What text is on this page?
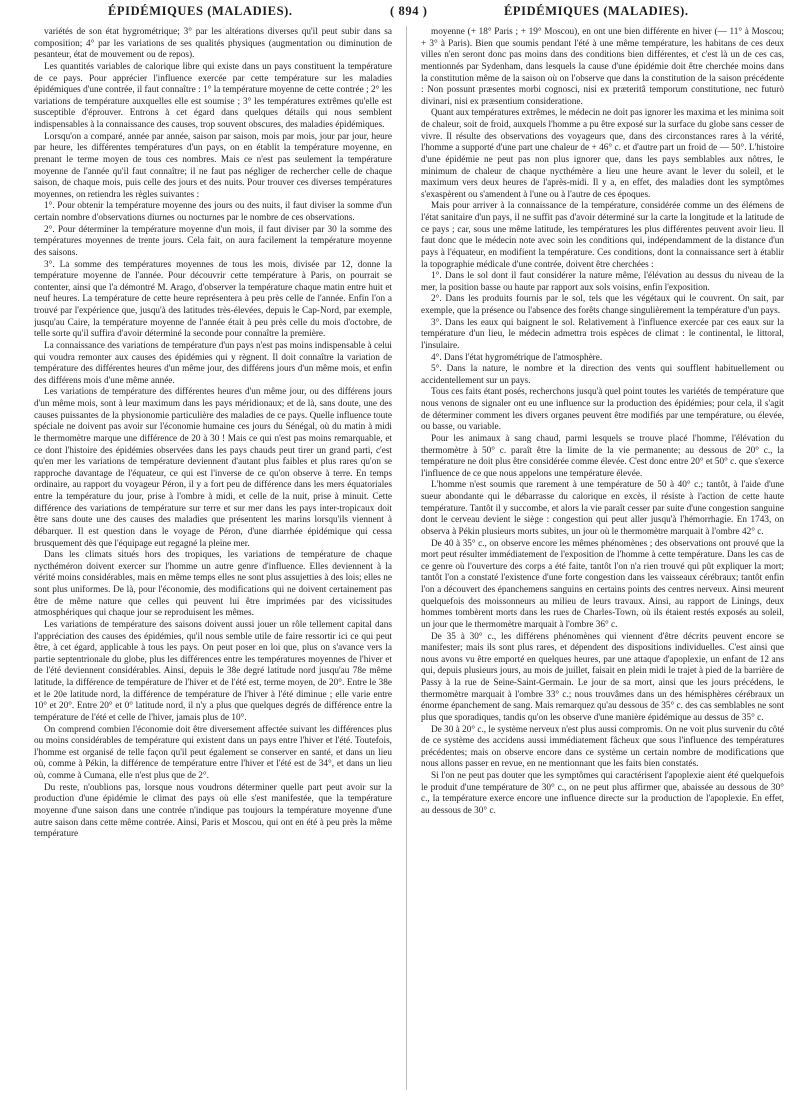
ÉPIDÉMIQUES (MALADIES).	( 894 )	ÉPIDÉMIQUES (MALADIES).

variétés de son état hygrométrique; 3° par les altérations diverses qu'il peut subir dans sa composition; 4° par les variations de ses qualités physiques (augmentation ou diminution de pesanteur, état de mouvement ou de repos).

Les quantités variables de calorique libre qui existe dans un pays constituent la température de ce pays. Pour apprécier l'influence exercée par cette température sur les maladies épidémiques d'une contrée, il faut connaître : 1° la température moyenne de cette contrée ; 2° les variations de température auxquelles elle est soumise ; 3° les températures extrêmes qu'elle est susceptible d'éprouver. Entrons à cet égard dans quelques détails qui nous semblent indispensables à la connaissance des causes, trop souvent obscures, des maladies épidémiques.

Lorsqu'on a comparé, année par année, saison par saison, mois par mois, jour par jour, heure par heure, les différentes températures d'un pays, on en établit la température moyenne, en prenant le terme moyen de tous ces nombres. Mais ce n'est pas seulement la température moyenne de l'année qu'il faut connaître; il ne faut pas négliger de rechercher celle de chaque saison, de chaque mois, puis celle des jours et des nuits. Pour trouver ces diverses températures moyennes, on retiendra les règles suivantes :

1°. Pour obtenir la température moyenne des jours ou des nuits, il faut diviser la somme d'un certain nombre d'observations diurnes ou nocturnes par le nombre de ces observations.

2°. Pour déterminer la température moyenne d'un mois, il faut diviser par 30 la somme des températures moyennes de trente jours. Cela fait, on aura facilement la température moyenne des saisons.

3°. La somme des températures moyennes de tous les mois, divisée par 12, donne la température moyenne de l'année. Pour découvrir cette température à Paris, on pourrait se contenter, ainsi que l'a démontré M. Arago, d'observer la température chaque matin entre huit et neuf heures. La température de cette heure représentera à peu près celle de l'année. Enfin l'on a trouvé par l'expérience que, jusqu'à des latitudes très-élevées, depuis le Cap-Nord, par exemple, jusqu'au Caire, la température moyenne de l'année était à peu près celle du mois d'octobre, de telle sorte qu'il suffira d'avoir déterminé la seconde pour connaître la première.

La connaissance des variations de température d'un pays n'est pas moins indispensable à celui qui voudra remonter aux causes des épidémies qui y règnent. Il doit connaître la variation de température des différentes heures d'un même jour, des différens jours d'un même mois, et enfin des différens mois d'une même année.

Les variations de température des différentes heures d'un même jour, ou des différens jours d'un même mois, sont à leur maximum dans les pays méridionaux; et de là, sans doute, une des causes puissantes de la physionomie particulière des maladies de ce pays. Quelle influence toute spéciale ne doivent pas avoir sur l'économie humaine ces jours du Sénégal, où du matin à midi le thermomètre marque une différence de 20 à 30 ! Mais ce qui n'est pas moins remarquable, et ce dont l'histoire des épidémies observées dans les pays chauds peut tirer un grand parti, c'est qu'en mer les variations de température deviennent d'autant plus faibles et plus rares qu'on se rapproche davantage de l'équateur, ce qui est l'inverse de ce qu'on observe à terre. En temps ordinaire, au rapport du voyageur Péron, il y a fort peu de différence dans les mers équatoriales entre la température du jour, prise à l'ombre à midi, et celle de la nuit, prise à minuit. Cette différence des variations de température sur terre et sur mer dans les pays inter-tropicaux doit être sans doute une des causes des maladies que présentent les marins lorsqu'ils viennent à débarquer. Il est question dans le voyage de Péron, d'une diarrhée épidémique qui cessa brusquement dès que l'équipage eut regagné la pleine mer.

Dans les climats situés hors des tropiques, les variations de température de chaque nycthéméron doivent exercer sur l'homme un autre genre d'influence. Elles deviennent à la vérité moins considérables, mais en même temps elles ne sont plus assujetties à des lois; elles ne sont plus uniformes. De là, pour l'économie, des modifications qui ne doivent certainement pas être de même nature que celles qui peuvent lui être imprimées par des vicissitudes atmosphériques qui chaque jour se reproduisent les mêmes.

Les variations de température des saisons doivent aussi jouer un rôle tellement capital dans l'appréciation des causes des épidémies, qu'il nous semble utile de faire ressortir ici ce qui peut être, à cet égard, applicable à tous les pays. On peut poser en loi que, plus on s'avance vers la partie septentrionale du globe, plus les différences entre les températures moyennes de l'hiver et de l'été deviennent considérables. Ainsi, depuis le 38e degré latitude nord jusqu'au 78e même latitude, la différence de température de l'hiver et de l'été est, terme moyen, de 20°. Entre le 38e et le 20e latitude nord, la différence de température de l'hiver à l'été diminue ; elle varie entre 10° et 20°. Entre 20° et 0° latitude nord, il n'y a plus que quelques degrés de différence entre la température de l'été et celle de l'hiver, jamais plus de 10°.

On comprend combien l'économie doit être diversement affectée suivant les différences plus ou moins considérables de température qui existent dans un pays entre l'hiver et l'été. Toutefois, l'homme est organisé de telle façon qu'il peut également se conserver en santé, et dans un lieu où, comme à Pékin, la différence de température entre l'hiver et l'été est de 34°, et dans un lieu où, comme à Cumana, elle n'est plus que de 2°.

Du reste, n'oublions pas, lorsque nous voudrons déterminer quelle part peut avoir sur la production d'une épidémie le climat des pays où elle s'est manifestée, que la température moyenne d'une saison dans une contrée n'indique pas toujours la température moyenne d'une autre saison dans cette même contrée. Ainsi, Paris et Moscou, qui ont en été à peu près la même température

moyenne (+ 18° Paris ; + 19° Moscou), en ont une bien différente en hiver (— 11° à Moscou; + 3° à Paris). Bien que soumis pendant l'été à une même température, les habitans de ces deux villes n'en seront donc pas moins dans des conditions bien différentes, et c'est là un de ces cas, mentionnés par Sydenham, dans lesquels la cause d'une épidémie doit être cherchée moins dans la constitution même de la saison où on l'observe que dans la constitution de la saison précédente : Non possunt præsentes morbi cognosci, nisi ex præteritâ temporum constitutione, nec futurò divinari, nisi ex præsentium consideratione.

Quant aux températures extrêmes, le médecin ne doit pas ignorer les maxima et les minima soit de chaleur, soit de froid, auxquels l'homme a pu être exposé sur la surface du globe sans cesser de vivre. Il résulte des observations des voyageurs que, dans des circonstances rares à la vérité, l'homme a supporté d'une part une chaleur de + 46° c. et d'autre part un froid de — 50°. L'histoire d'une épidémie ne peut pas non plus ignorer que, dans les pays semblables aux nôtres, le minimum de chaleur de chaque nycthémère a lieu une heure avant le lever du soleil, et le maximum vers deux heures de l'après-midi. Il y a, en effet, des maladies dont les symptômes s'exaspèrent ou s'amendent à l'une ou à l'autre de ces époques.

Mais pour arriver à la connaissance de la température, considérée comme un des élémens de l'état sanitaire d'un pays, il ne suffit pas d'avoir déterminé sur la carte la longitude et la latitude de ce pays ; car, sous une même latitude, les températures les plus différentes peuvent avoir lieu. Il faut donc que le médecin note avec soin les conditions qui, indépendamment de la distance d'un pays à l'équateur, en modifient la température. Ces conditions, dont la connaissance sert à établir la topographie médicale d'une contrée, doivent être cherchées :

1°. Dans le sol dont il faut considérer la nature même, l'élévation au dessus du niveau de la mer, la position basse ou haute par rapport aux sols voisins, enfin l'exposition.

2°. Dans les produits fournis par le sol, tels que les végétaux qui le couvrent. On sait, par exemple, que la présence ou l'absence des forêts change singulièrement la température d'un pays.

3°. Dans les eaux qui baignent le sol. Relativement à l'influence exercée par ces eaux sur la température d'un lieu, le médecin admettra trois espèces de climat : le continental, le littoral, l'insulaire.

4°. Dans l'état hygrométrique de l'atmosphère.

5°. Dans la nature, le nombre et la direction des vents qui soufflent habituellement ou accidentellement sur un pays.

Tous ces faits étant posés, recherchons jusqu'à quel point toutes les variétés de température que nous venons de signaler ont eu une influence sur la production des épidémies; pour cela, il s'agit de déterminer comment les divers organes peuvent être modifiés par une température, ou élevée, ou basse, ou variable.

Pour les animaux à sang chaud, parmi lesquels se trouve placé l'homme, l'élévation du thermomètre à 50° c. paraît être la limite de la vie permanente; au dessous de 20° c., la température ne doit plus être considérée comme élevée. C'est donc entre 20° et 50° c. que s'exerce l'influence de ce que nous appelons une température élevée.

L'homme n'est soumis que rarement à une température de 50 à 40° c.; tantôt, à l'aide d'une sueur abondante qui le débarrasse du calorique en excès, il résiste à l'action de cette haute température. Tantôt il y succombe, et alors la vie paraît cesser par suite d'une congestion sanguine dont le cerveau devient le siège : congestion qui peut aller jusqu'à l'hémorrhagie. En 1743, on observa à Pékin plusieurs morts subites, un jour où le thermomètre marquait à l'ombre 42° c.

De 40 à 35° c., on observe encore les mêmes phénomènes ; des observations ont prouvé que la mort peut résulter immédiatement de l'exposition de l'homme à cette température. Dans les cas de ce genre où l'ouverture des corps a été faite, tantôt l'on n'a rien trouvé qui pût expliquer la mort; tantôt l'on a constaté l'existence d'une forte congestion dans les vaisseaux cérébraux; tantôt enfin l'on a découvert des épanchemens sanguins en certains points des centres nerveux. Ainsi meurent quelquefois des moissonneurs au milieu de leurs travaux. Ainsi, au rapport de Linings, deux hommes tombèrent morts dans les rues de Charles-Town, où ils étaient restés exposés au soleil, un jour que le thermomètre marquait à l'ombre 36° c.

De 35 à 30° c., les différens phénomènes qui viennent d'être décrits peuvent encore se manifester; mais ils sont plus rares, et dépendent des dispositions individuelles. C'est ainsi que nous avons vu être emporté en quelques heures, par une attaque d'apoplexie, un enfant de 12 ans qui, depuis plusieurs jours, au mois de juillet, faisait en plein midi le trajet à pied de la barrière de Passy à la rue de Seine-Saint-Germain. Le jour de sa mort, ainsi que les jours précédens, le thermomètre marquait à l'ombre 33° c.; nous trouvâmes dans un des hémisphères cérébraux un énorme épanchement de sang. Mais remarquez qu'au dessous de 35° c. des cas semblables ne sont plus que sporadiques, tandis qu'on les observe d'une manière épidémique au dessus de 35° c.

De 30 à 20° c., le système nerveux n'est plus aussi compromis. On ne voit plus survenir du côté de ce système des accidens aussi immédiatement fâcheux que sous l'influence des températures précédentes; mais on observe encore dans ce système un certain nombre de modifications que nous allons passer en revue, en ne mentionnant que les faits bien constatés.

Si l'on ne peut pas douter que les symptômes qui caractérisent l'apoplexie aient été quelquefois le produit d'une température de 30° c., on ne peut plus affirmer que, abaissée au dessous de 30° c., la température exerce encore une influence directe sur la production de l'apoplexie. En effet, au dessous de 30° c.
